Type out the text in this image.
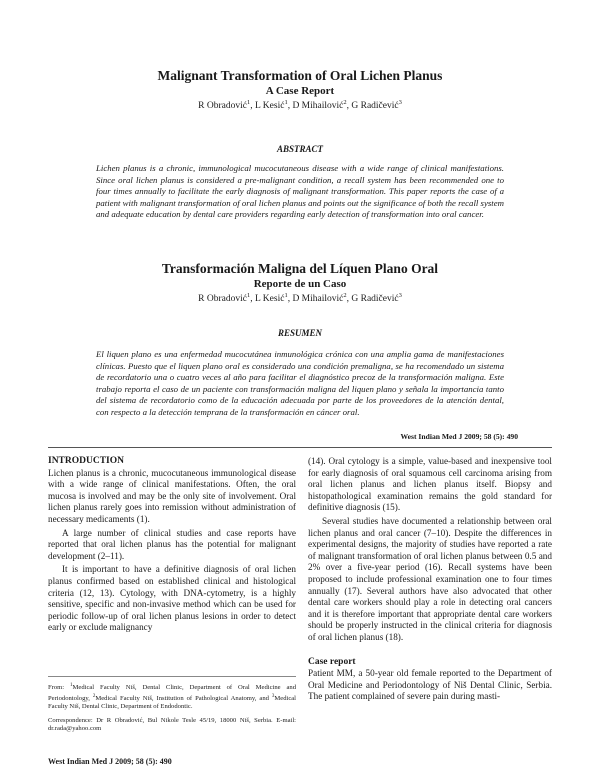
Malignant Transformation of Oral Lichen Planus
A Case Report
R Obradović$^1$, L Kesić$^1$, D Mihailović$^2$, G Radičević$^3$
ABSTRACT
Lichen planus is a chronic, immunological mucocutaneous disease with a wide range of clinical manifestations. Since oral lichen planus is considered a pre-malignant condition, a recall system has been recommended one to four times annually to facilitate the early diagnosis of malignant transformation. This paper reports the case of a patient with malignant transformation of oral lichen planus and points out the significance of both the recall system and adequate education by dental care providers regarding early detection of transformation into oral cancer.
Transformación Maligna del Líquen Plano Oral
Reporte de un Caso
R Obradović$^1$, L Kesić$^1$, D Mihailović$^2$, G Radičević$^3$
RESUMEN
El liquen plano es una enfermedad mucocutánea inmunológica crónica con una amplia gama de manifestaciones clínicas. Puesto que el liquen plano oral es considerado una condición premaligna, se ha recomendado un sistema de recordatorio una o cuatro veces al año para facilitar el diagnóstico precoz de la transformación maligna. Este trabajo reporta el caso de un paciente con transformación maligna del liquen plano y señala la importancia tanto del sistema de recordatorio como de la educación adecuada por parte de los proveedores de la atención dental, con respecto a la detección temprana de la transformación en cáncer oral.
West Indian Med J 2009; 58 (5): 490
INTRODUCTION

Lichen planus is a chronic, mucocutaneous immunological disease with a wide range of clinical manifestations. Often, the oral mucosa is involved and may be the only site of involvement. Oral lichen planus rarely goes into remission without administration of necessary medicaments (1).

A large number of clinical studies and case reports have reported that oral lichen planus has the potential for malignant development (2–11).

It is important to have a definitive diagnosis of oral lichen planus confirmed based on established clinical and histological criteria (12, 13). Cytology, with DNA-cytometry, is a highly sensitive, specific and non-invasive method which can be used for periodic follow-up of oral lichen planus lesions in order to detect early or exclude malignancy

From: $^1$Medical Faculty Niš, Dental Clinic, Department of Oral Medicine and Periodontology, $^2$Medical Faculty Niš, Institution of Pathological Anatomy, and $^3$Medical Faculty Niš, Dental Clinic, Department of Endodontic.
Correspondence: Dr R Obradović, Bul Nikole Tesle 45/19, 18000 Niš, Serbia. E-mail: dr.rada@yahoo.com

(14). Oral cytology is a simple, value-based and inexpensive tool for early diagnosis of oral squamous cell carcinoma arising from oral lichen planus and lichen planus itself. Biopsy and histopathological examination remains the gold standard for definitive diagnosis (15).

Several studies have documented a relationship between oral lichen planus and oral cancer (7–10). Despite the differences in experimental designs, the majority of studies have reported a rate of malignant transformation of oral lichen planus between 0.5 and 2% over a five-year period (16). Recall systems have been proposed to include professional examination one to four times annually (17). Several authors have also advocated that other dental care workers should play a role in detecting oral cancers and it is therefore important that appropriate dental care workers should be properly instructed in the clinical criteria for diagnosis of oral lichen planus (18).

Case report

Patient MM, a 50-year old female reported to the Department of Oral Medicine and Periodontology of Niš Dental Clinic, Serbia. The patient complained of severe pain during masti-

West Indian Med J 2009; 58 (5): 490
